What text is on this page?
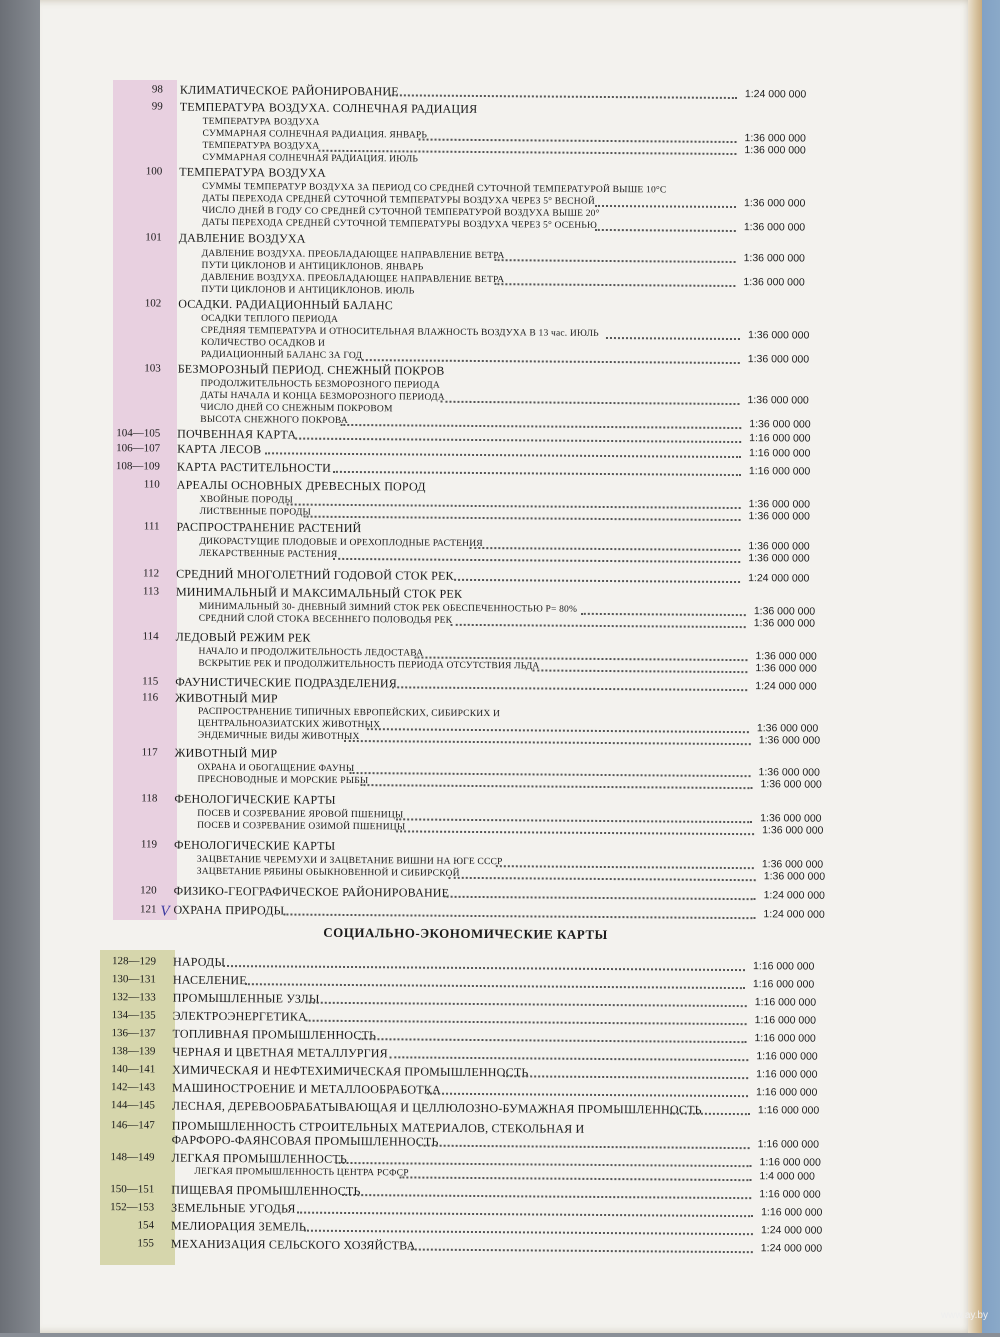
СОЦИАЛЬНО-ЭКОНОМИЧЕСКИЕ КАРТЫ
V
98 КЛИМАТИЧЕСКОЕ РАЙОНИРОВАНИЕ	1:24 000 000
99 ТЕМПЕРАТУРА ВОЗДУХА. СОЛНЕЧНАЯ РАДИАЦИЯ
ТЕМПЕРАТУРА ВОЗДУХА
СУММАРНАЯ СОЛНЕЧНАЯ РАДИАЦИЯ. ЯНВАРЬ	1:36 000 000
ТЕМПЕРАТУРА ВОЗДУХА	1:36 000 000
СУММАРНАЯ СОЛНЕЧНАЯ РАДИАЦИЯ. ИЮЛЬ
100 ТЕМПЕРАТУРА ВОЗДУХА
СУММЫ ТЕМПЕРАТУР ВОЗДУХА ЗА ПЕРИОД СО СРЕДНЕЙ СУТОЧНОЙ ТЕМПЕРАТУРОЙ ВЫШЕ 10°С
ДАТЫ ПЕРЕХОДА СРЕДНЕЙ СУТОЧНОЙ ТЕМПЕРАТУРЫ ВОЗДУХА ЧЕРЕЗ 5° ВЕСНОЙ	1:36 000 000
ЧИСЛО ДНЕЙ В ГОДУ СО СРЕДНЕЙ СУТОЧНОЙ ТЕМПЕРАТУРОЙ ВОЗДУХА ВЫШЕ 20°
ДАТЫ ПЕРЕХОДА СРЕДНЕЙ СУТОЧНОЙ ТЕМПЕРАТУРЫ ВОЗДУХА ЧЕРЕЗ 5° ОСЕНЬЮ	1:36 000 000
101 ДАВЛЕНИЕ ВОЗДУХА
ДАВЛЕНИЕ ВОЗДУХА. ПРЕОБЛАДАЮЩЕЕ НАПРАВЛЕНИЕ ВЕТРА	1:36 000 000
ПУТИ ЦИКЛОНОВ И АНТИЦИКЛОНОВ. ЯНВАРЬ
ДАВЛЕНИЕ ВОЗДУХА. ПРЕОБЛАДАЮЩЕЕ НАПРАВЛЕНИЕ ВЕТРА	1:36 000 000
ПУТИ ЦИКЛОНОВ И АНТИЦИКЛОНОВ. ИЮЛЬ
102 ОСАДКИ. РАДИАЦИОННЫЙ БАЛАНС
ОСАДКИ ТЕПЛОГО ПЕРИОДА
СРЕДНЯЯ ТЕМПЕРАТУРА И ОТНОСИТЕЛЬНАЯ ВЛАЖНОСТЬ ВОЗДУХА В 13 час. ИЮЛЬ	1:36 000 000
КОЛИЧЕСТВО ОСАДКОВ И
РАДИАЦИОННЫЙ БАЛАНС ЗА ГОД	1:36 000 000
103 БЕЗМОРОЗНЫЙ ПЕРИОД. СНЕЖНЫЙ ПОКРОВ
ПРОДОЛЖИТЕЛЬНОСТЬ БЕЗМОРОЗНОГО ПЕРИОДА
ДАТЫ НАЧАЛА И КОНЦА БЕЗМОРОЗНОГО ПЕРИОДА	1:36 000 000
ЧИСЛО ДНЕЙ СО СНЕЖНЫМ ПОКРОВОМ
ВЫСОТА СНЕЖНОГО ПОКРОВА	1:36 000 000
104—105 ПОЧВЕННАЯ КАРТА	1:16 000 000
106—107 КАРТА ЛЕСОВ	1:16 000 000
108—109 КАРТА РАСТИТЕЛЬНОСТИ	1:16 000 000
110 АРЕАЛЫ ОСНОВНЫХ ДРЕВЕСНЫХ ПОРОД
ХВОЙНЫЕ ПОРОДЫ	1:36 000 000
ЛИСТВЕННЫЕ ПОРОДЫ	1:36 000 000
111 РАСПРОСТРАНЕНИЕ РАСТЕНИЙ
ДИКОРАСТУЩИЕ ПЛОДОВЫЕ И ОРЕХОПЛОДНЫЕ РАСТЕНИЯ	1:36 000 000
ЛЕКАРСТВЕННЫЕ РАСТЕНИЯ	1:36 000 000
112 СРЕДНИЙ МНОГОЛЕТНИЙ ГОДОВОЙ СТОК РЕК	1:24 000 000
113 МИНИМАЛЬНЫЙ И МАКСИМАЛЬНЫЙ СТОК РЕК
МИНИМАЛЬНЫЙ 30- ДНЕВНЫЙ ЗИМНИЙ СТОК РЕК ОБЕСПЕЧЕННОСТЬЮ Р= 80%	1:36 000 000
СРЕДНИЙ СЛОЙ СТОКА ВЕСЕННЕГО ПОЛОВОДЬЯ РЕК	1:36 000 000
114 ЛЕДОВЫЙ РЕЖИМ РЕК
НАЧАЛО И ПРОДОЛЖИТЕЛЬНОСТЬ ЛЕДОСТАВА	1:36 000 000
ВСКРЫТИЕ РЕК И ПРОДОЛЖИТЕЛЬНОСТЬ ПЕРИОДА ОТСУТСТВИЯ ЛЬДА	1:36 000 000
115 ФАУНИСТИЧЕСКИЕ ПОДРАЗДЕЛЕНИЯ	1:24 000 000
116 ЖИВОТНЫЙ МИР
РАСПРОСТРАНЕНИЕ ТИПИЧНЫХ ЕВРОПЕЙСКИХ, СИБИРСКИХ И
ЦЕНТРАЛЬНОАЗИАТСКИХ ЖИВОТНЫХ	1:36 000 000
ЭНДЕМИЧНЫЕ ВИДЫ ЖИВОТНЫХ	1:36 000 000
117 ЖИВОТНЫЙ МИР
ОХРАНА И ОБОГАЩЕНИЕ ФАУНЫ	1:36 000 000
ПРЕСНОВОДНЫЕ И МОРСКИЕ РЫБЫ	1:36 000 000
118 ФЕНОЛОГИЧЕСКИЕ КАРТЫ
ПОСЕВ И СОЗРЕВАНИЕ ЯРОВОЙ ПШЕНИЦЫ	1:36 000 000
ПОСЕВ И СОЗРЕВАНИЕ ОЗИМОЙ ПШЕНИЦЫ	1:36 000 000
119 ФЕНОЛОГИЧЕСКИЕ КАРТЫ
ЗАЦВЕТАНИЕ ЧЕРЕМУХИ И ЗАЦВЕТАНИЕ ВИШНИ НА ЮГЕ СССР	1:36 000 000
ЗАЦВЕТАНИЕ РЯБИНЫ ОБЫКНОВЕННОЙ И СИБИРСКОЙ	1:36 000 000
120 ФИЗИКО-ГЕОГРАФИЧЕСКОЕ РАЙОНИРОВАНИЕ	1:24 000 000
121 ОХРАНА ПРИРОДЫ	1:24 000 000
128—129 НАРОДЫ	1:16 000 000
130—131 НАСЕЛЕНИЕ	1:16 000 000
132—133 ПРОМЫШЛЕННЫЕ УЗЛЫ	1:16 000 000
134—135 ЭЛЕКТРОЭНЕРГЕТИКА	1:16 000 000
136—137 ТОПЛИВНАЯ ПРОМЫШЛЕННОСТЬ	1:16 000 000
138—139 ЧЕРНАЯ И ЦВЕТНАЯ МЕТАЛЛУРГИЯ	1:16 000 000
140—141 ХИМИЧЕСКАЯ И НЕФТЕХИМИЧЕСКАЯ ПРОМЫШЛЕННОСТЬ	1:16 000 000
142—143 МАШИНОСТРОЕНИЕ И МЕТАЛЛООБРАБОТКА	1:16 000 000
144—145 ЛЕСНАЯ, ДЕРЕВООБРАБАТЫВАЮЩАЯ И ЦЕЛЛЮЛОЗНО-БУМАЖНАЯ ПРОМЫШЛЕННОСТЬ	1:16 000 000
146—147 ПРОМЫШЛЕННОСТЬ СТРОИТЕЛЬНЫХ МАТЕРИАЛОВ, СТЕКОЛЬНАЯ И
ФАРФОРО-ФАЯНСОВАЯ ПРОМЫШЛЕННОСТЬ	1:16 000 000
148—149 ЛЕГКАЯ ПРОМЫШЛЕННОСТЬ	1:16 000 000
ЛЕГКАЯ ПРОМЫШЛЕННОСТЬ ЦЕНТРА РСФСР	1:4 000 000
150—151 ПИЩЕВАЯ ПРОМЫШЛЕННОСТЬ	1:16 000 000
152—153 ЗЕМЕЛЬНЫЕ УГОДЬЯ	1:16 000 000
154 МЕЛИОРАЦИЯ ЗЕМЕЛЬ	1:24 000 000
155 МЕХАНИЗАЦИЯ СЕЛЬСКОГО ХОЗЯЙСТВА	1:24 000 000
www.ay.by
